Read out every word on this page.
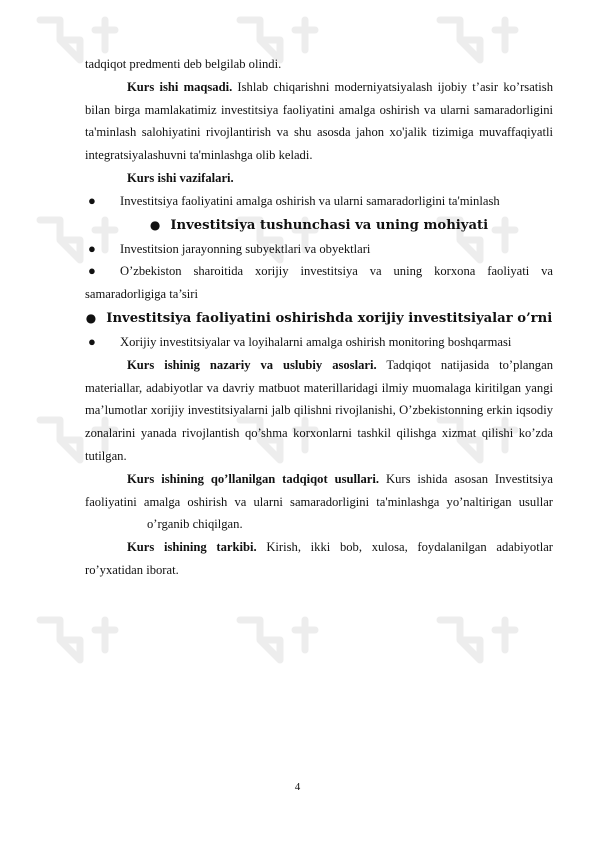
tadqiqot predmenti deb belgilab olindi.

Kurs ishi maqsadi. Ishlab chiqarishni moderniyatsiyalash ijobiy t’asir ko’rsatish bilan birga mamlakatimiz investitsiya faoliyatini amalga oshirish va ularni samaradorligini ta'minlash salohiyatini rivojlantirish va shu asosda jahon xo'jalik tizimiga muvaffaqiyatli integratsiyalashuvni ta'minlashga olib keladi.

Kurs ishi vazifalari.

●	Investitsiya faoliyatini amalga oshirish va ularni samaradorligini ta'minlash
● Investitsiya tushunchasi va uning mohiyati
●	Investitsion jarayonning subyektlari va obyektlari

● O’zbekiston sharoitida xorijiy investitsiya va uning korxona faoliyati va samaradorligiga ta’siri

● Investitsiya faoliyatini oshirishda xorijiy investitsiyalar o’rni

● Xorijiy investitsiyalar va loyihalarni amalga oshirish monitoring boshqarmasi

Kurs ishinig nazariy va uslubiy asoslari. Tadqiqot natijasida to’plangan materiallar, adabiyotlar va davriy matbuot materillaridagi ilmiy muomalaga kiritilgan yangi ma’lumotlar xorijiy investitsiyalarni jalb qilishni rivojlanishi, O’zbekistonning erkin iqsodiy zonalarini yanada rivojlantish qo’shma korxonlarni tashkil qilishga xizmat qilishi ko’zda tutilgan.

Kurs ishining qo’llanilgan tadqiqot usullari. Kurs ishida asosan Investitsiya faoliyatini amalga oshirish va ularni samaradorligini ta'minlashga yo’naltirigan usullaro’rganib chiqilgan.

Kurs ishining tarkibi. Kirish, ikki bob, xulosa, foydalanilgan adabiyotlar ro’yxatidan iborat.

4
